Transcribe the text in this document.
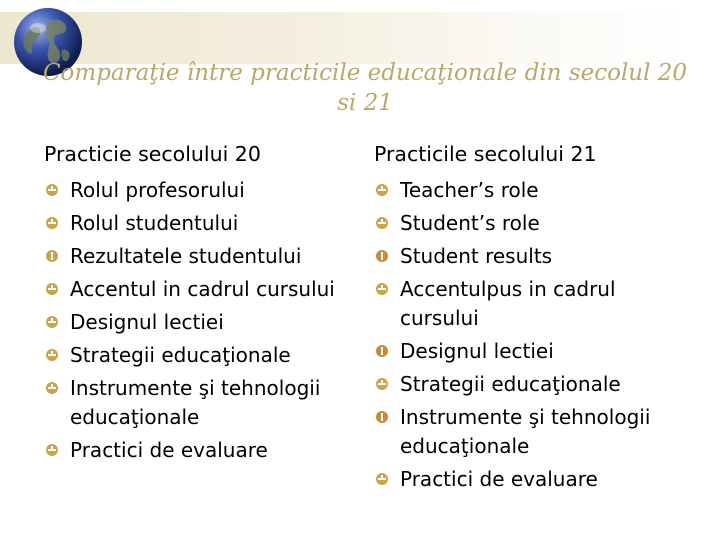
Comparaţie între practicile educaţionale din secolul 20 si 21
Practicie secolului 20
Rolul profesorului
Rolul studentului
Rezultatele studentului
Accentul in cadrul cursului
Designul lectiei
Strategii educaţionale
Instrumente şi tehnologii educaţionale
Practici de evaluare
Practicile secolului 21
Teacher’s role
Student’s role
Student results
Accentulpus in cadrul cursului
Designul lectiei
Strategii educaţionale
Instrumente şi tehnologii educaţionale
Practici de evaluare
